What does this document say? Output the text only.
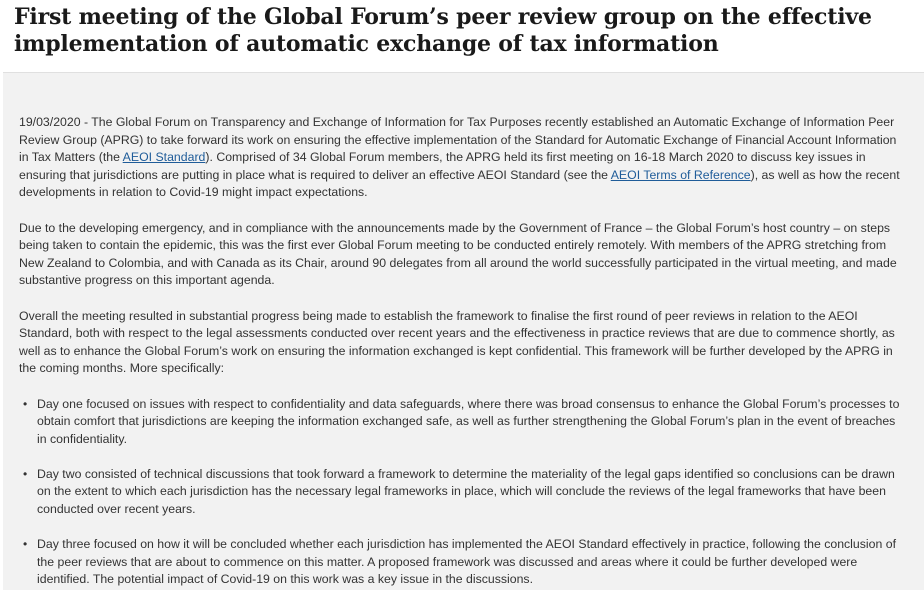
First meeting of the Global Forum’s peer review group on the effective implementation of automatic exchange of tax information

19/03/2020 - The Global Forum on Transparency and Exchange of Information for Tax Purposes recently established an Automatic Exchange of Information Peer Review Group (APRG) to take forward its work on ensuring the effective implementation of the Standard for Automatic Exchange of Financial Account Information in Tax Matters (the AEOI Standard). Comprised of 34 Global Forum members, the APRG held its first meeting on 16-18 March 2020 to discuss key issues in ensuring that jurisdictions are putting in place what is required to deliver an effective AEOI Standard (see the AEOI Terms of Reference), as well as how the recent developments in relation to Covid-19 might impact expectations.

Due to the developing emergency, and in compliance with the announcements made by the Government of France – the Global Forum’s host country – on steps being taken to contain the epidemic, this was the first ever Global Forum meeting to be conducted entirely remotely. With members of the APRG stretching from New Zealand to Colombia, and with Canada as its Chair, around 90 delegates from all around the world successfully participated in the virtual meeting, and made substantive progress on this important agenda.

Overall the meeting resulted in substantial progress being made to establish the framework to finalise the first round of peer reviews in relation to the AEOI Standard, both with respect to the legal assessments conducted over recent years and the effectiveness in practice reviews that are due to commence shortly, as well as to enhance the Global Forum’s work on ensuring the information exchanged is kept confidential. This framework will be further developed by the APRG in the coming months. More specifically:

• Day one focused on issues with respect to confidentiality and data safeguards, where there was broad consensus to enhance the Global Forum’s processes to obtain comfort that jurisdictions are keeping the information exchanged safe, as well as further strengthening the Global Forum’s plan in the event of breaches in confidentiality.
• Day two consisted of technical discussions that took forward a framework to determine the materiality of the legal gaps identified so conclusions can be drawn on the extent to which each jurisdiction has the necessary legal frameworks in place, which will conclude the reviews of the legal frameworks that have been conducted over recent years.
• Day three focused on how it will be concluded whether each jurisdiction has implemented the AEOI Standard effectively in practice, following the conclusion of the peer reviews that are about to commence on this matter. A proposed framework was discussed and areas where it could be further developed were identified. The potential impact of Covid-19 on this work was a key issue in the discussions.
